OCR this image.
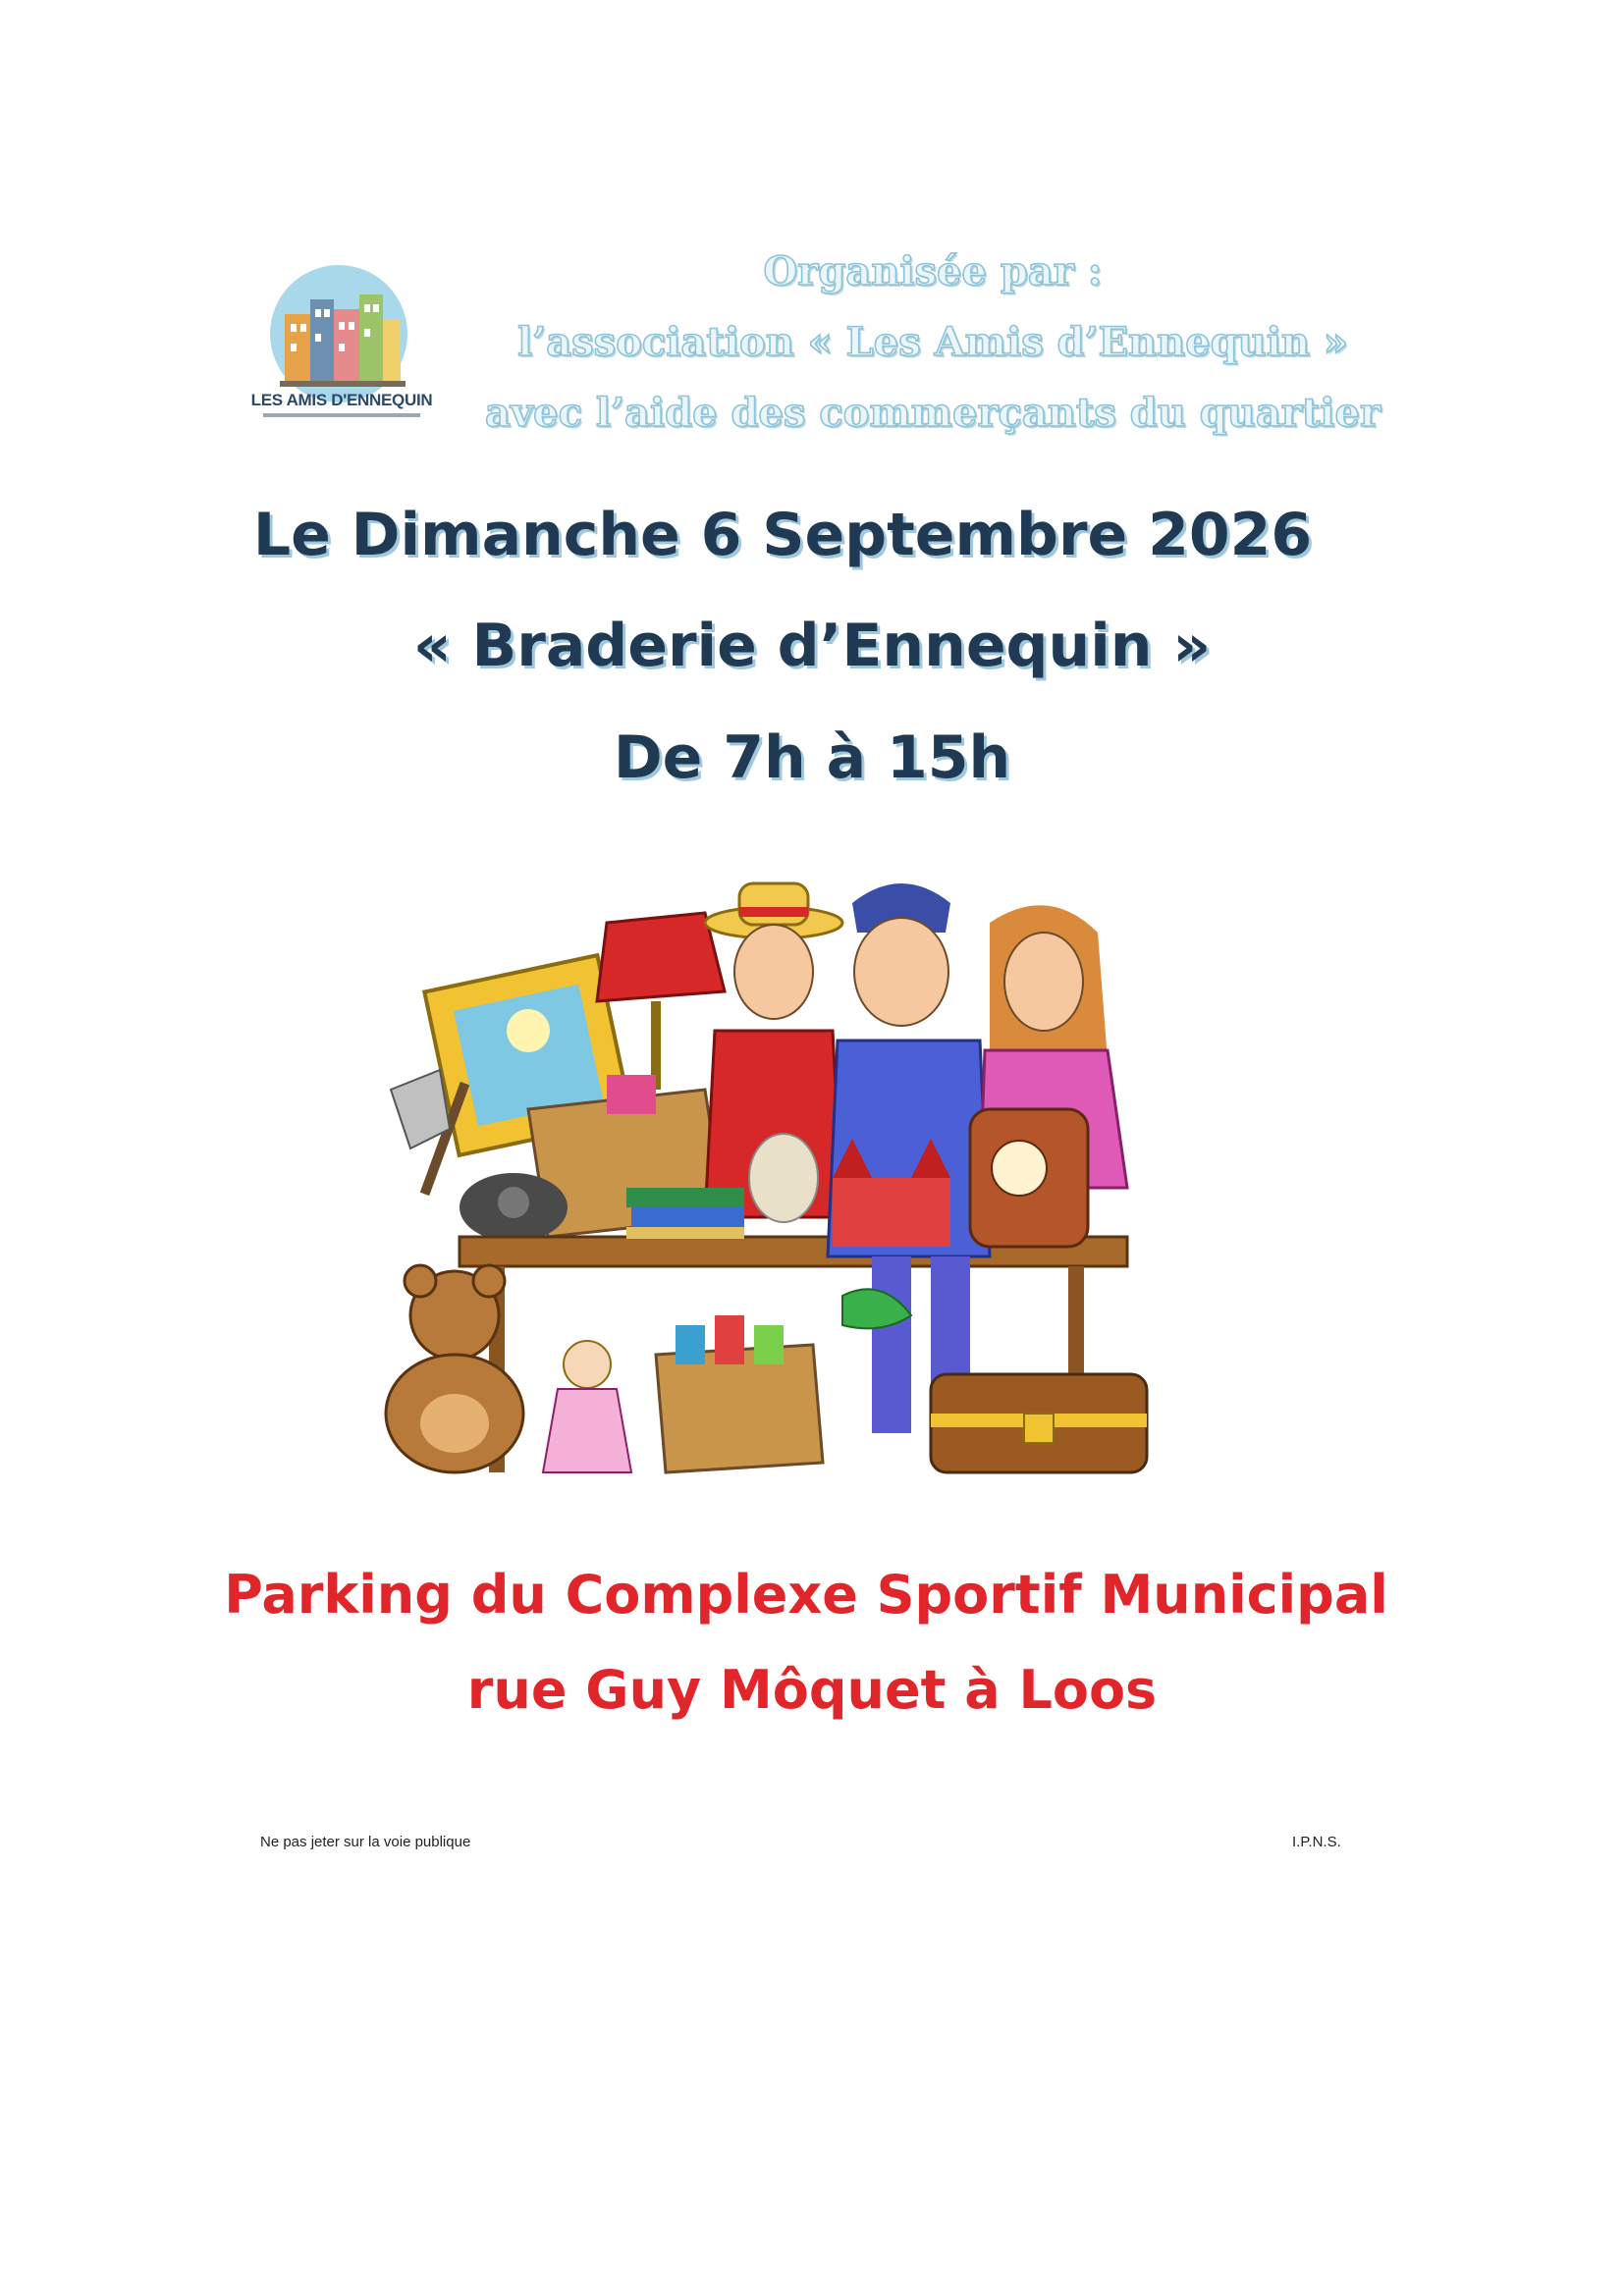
LES AMIS D'ENNEQUIN
Organisée par :
l’association « Les Amis d’Ennequin »
avec l’aide des commerçants du quartier
Le Dimanche 6 Septembre 2026
« Braderie d’Ennequin »
De 7h à 15h
Parking du Complexe Sportif Municipal
rue Guy Môquet à Loos
Ne pas jeter sur la voie publique	I.P.N.S.
